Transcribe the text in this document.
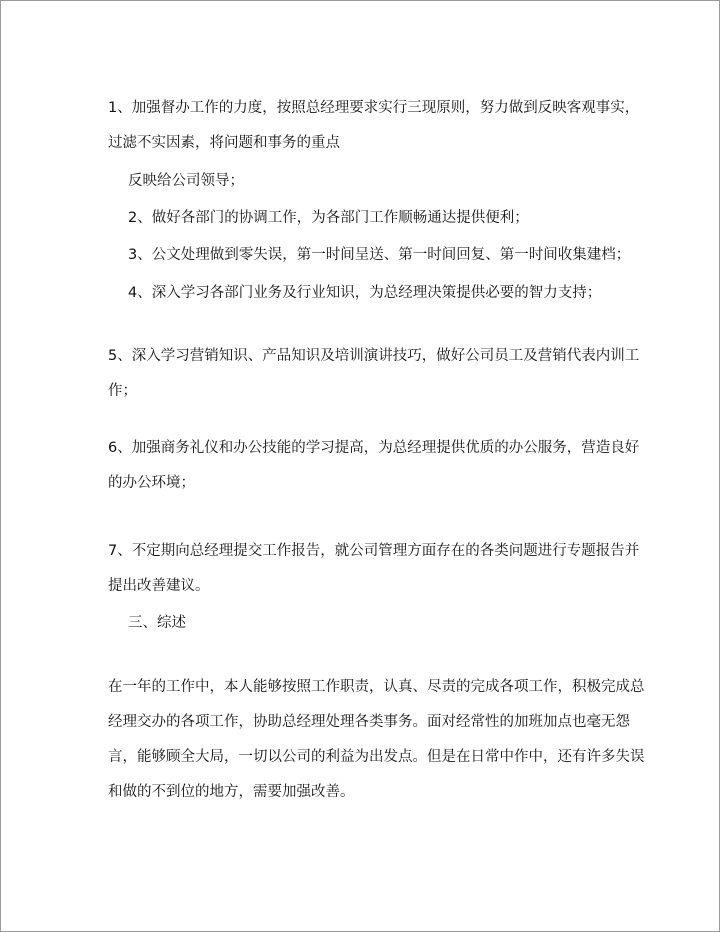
1、加强督办工作的力度，按照总经理要求实行三现原则，努力做到反映客观事实，
过滤不实因素，将问题和事务的重点
反映给公司领导；
2、做好各部门的协调工作，为各部门工作顺畅通达提供便利；
3、公文处理做到零失误，第一时间呈送、第一时间回复、第一时间收集建档；
4、深入学习各部门业务及行业知识，为总经理决策提供必要的智力支持；
5、深入学习营销知识、产品知识及培训演讲技巧，做好公司员工及营销代表内训工
作；
6、加强商务礼仪和办公技能的学习提高，为总经理提供优质的办公服务，营造良好
的办公环境；
7、不定期向总经理提交工作报告，就公司管理方面存在的各类问题进行专题报告并
提出改善建议。
三、综述
在一年的工作中，本人能够按照工作职责，认真、尽责的完成各项工作，积极完成总
经理交办的各项工作，协助总经理处理各类事务。面对经常性的加班加点也毫无怨
言，能够顾全大局，一切以公司的利益为出发点。但是在日常中作中，还有许多失误
和做的不到位的地方，需要加强改善。
